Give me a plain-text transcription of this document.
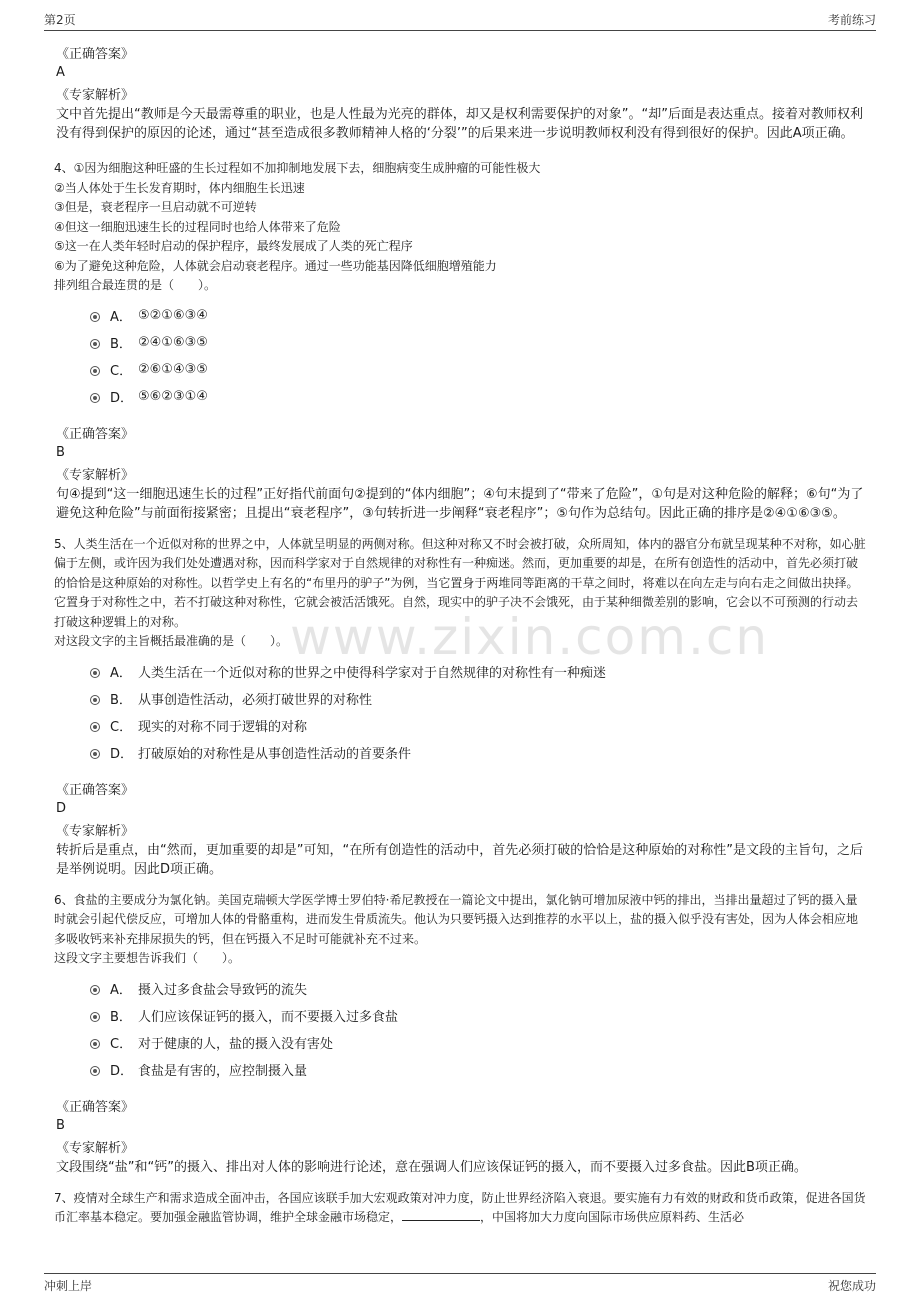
第2页	考前练习
www.zixin.com.cn
《正确答案》
A
《专家解析》
文中首先提出“教师是今天最需尊重的职业，也是人性最为光亮的群体，却又是权利需要保护的对象”。“却”后面是表达重点。接着对教师权利没有得到保护的原因的论述，通过“甚至造成很多教师精神人格的‘分裂’”的后果来进一步说明教师权利没有得到很好的保护。因此A项正确。
4、①因为细胞这种旺盛的生长过程如不加抑制地发展下去，细胞病变生成肿瘤的可能性极大
②当人体处于生长发育期时，体内细胞生长迅速
③但是，衰老程序一旦启动就不可逆转
④但这一细胞迅速生长的过程同时也给人体带来了危险
⑤这一在人类年轻时启动的保护程序，最终发展成了人类的死亡程序
⑥为了避免这种危险，人体就会启动衰老程序。通过一些功能基因降低细胞增殖能力
排列组合最连贯的是（　　）。
A． ⑤②①⑥③④
B． ②④①⑥③⑤
C． ②⑥①④③⑤
D． ⑤⑥②③①④
《正确答案》
B
《专家解析》
句④提到“这一细胞迅速生长的过程”正好指代前面句②提到的“体内细胞”；④句末提到了“带来了危险”，①句是对这种危险的解释；⑥句“为了避免这种危险”与前面衔接紧密；且提出“衰老程序”，③句转折进一步阐释“衰老程序”；⑤句作为总结句。因此正确的排序是②④①⑥③⑤。
5、人类生活在一个近似对称的世界之中，人体就呈明显的两侧对称。但这种对称又不时会被打破，众所周知，体内的器官分布就呈现某种不对称，如心脏偏于左侧，或许因为我们处处遭遇对称，因而科学家对于自然规律的对称性有一种痴迷。然而，更加重要的却是，在所有创造性的活动中，首先必须打破的恰恰是这种原始的对称性。以哲学史上有名的“布里丹的驴子”为例，当它置身于两堆同等距离的干草之间时，将难以在向左走与向右走之间做出抉择。它置身于对称性之中，若不打破这种对称性，它就会被活活饿死。自然，现实中的驴子决不会饿死，由于某种细微差别的影响，它会以不可预测的行动去打破这种逻辑上的对称。
对这段文字的主旨概括最准确的是（　　）。
A． 人类生活在一个近似对称的世界之中使得科学家对于自然规律的对称性有一种痴迷
B． 从事创造性活动，必须打破世界的对称性
C． 现实的对称不同于逻辑的对称
D． 打破原始的对称性是从事创造性活动的首要条件
《正确答案》
D
《专家解析》
转折后是重点，由“然而，更加重要的却是”可知，“在所有创造性的活动中，首先必须打破的恰恰是这种原始的对称性”是文段的主旨句，之后是举例说明。因此D项正确。
6、食盐的主要成分为氯化钠。美国克瑞顿大学医学博士罗伯特·希尼教授在一篇论文中提出，氯化钠可增加尿液中钙的排出，当排出量超过了钙的摄入量时就会引起代偿反应，可增加人体的骨骼重构，进而发生骨质流失。他认为只要钙摄入达到推荐的水平以上，盐的摄入似乎没有害处，因为人体会相应地多吸收钙来补充排尿损失的钙，但在钙摄入不足时可能就补充不过来。
这段文字主要想告诉我们（　　）。
A． 摄入过多食盐会导致钙的流失
B． 人们应该保证钙的摄入，而不要摄入过多食盐
C． 对于健康的人，盐的摄入没有害处
D． 食盐是有害的，应控制摄入量
《正确答案》
B
《专家解析》
文段围绕“盐”和“钙”的摄入、排出对人体的影响进行论述，意在强调人们应该保证钙的摄入，而不要摄入过多食盐。因此B项正确。
7、疫情对全球生产和需求造成全面冲击，各国应该联手加大宏观政策对冲力度，防止世界经济陷入衰退。要实施有力有效的财政和货币政策，促进各国货币汇率基本稳定。要加强金融监管协调，维护全球金融市场稳定，	，中国将加大力度向国际市场供应原料药、生活必
冲刺上岸	祝您成功
